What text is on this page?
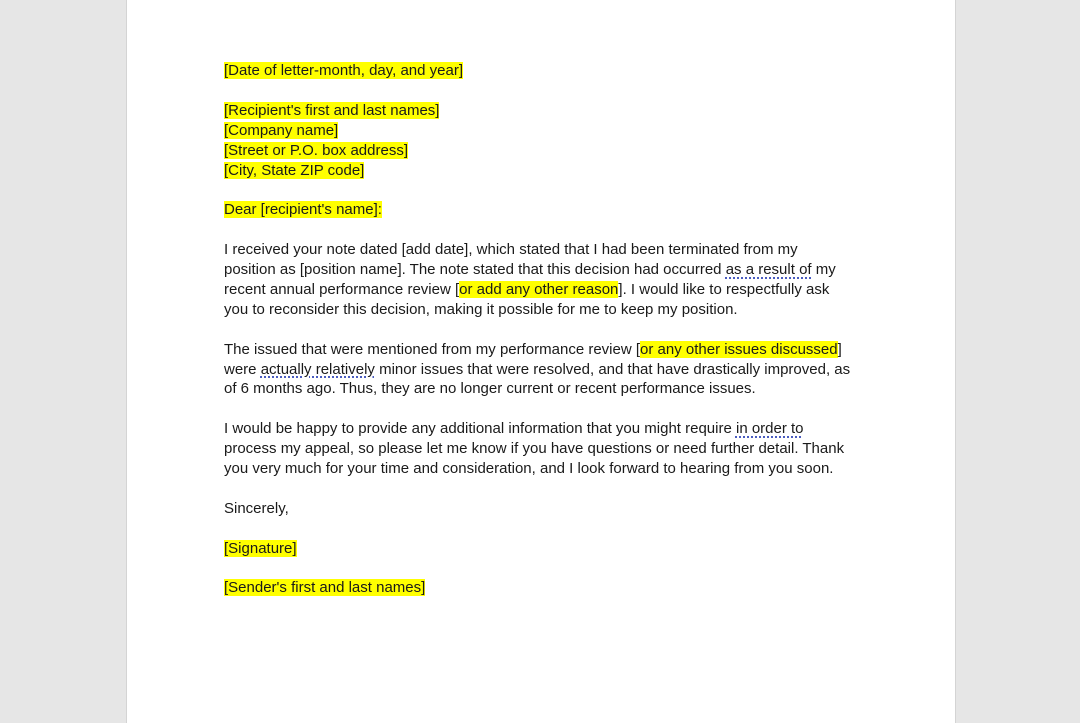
[Date of letter-month, day, and year]
[Recipient's first and last names]
[Company name]
[Street or P.O. box address]
[City, State ZIP code]
Dear [recipient's name]:
I received your note dated [add date], which stated that I had been terminated from my
position as [position name]. The note stated that this decision had occurred as a result of my
recent annual performance review [or add any other reason]. I would like to respectfully ask
you to reconsider this decision, making it possible for me to keep my position.
The issued that were mentioned from my performance review [or any other issues discussed]
were actually relatively minor issues that were resolved, and that have drastically improved, as
of 6 months ago. Thus, they are no longer current or recent performance issues.
I would be happy to provide any additional information that you might require in order to
process my appeal, so please let me know if you have questions or need further detail. Thank
you very much for your time and consideration, and I look forward to hearing from you soon.
Sincerely,
[Signature]
[Sender's first and last names]
